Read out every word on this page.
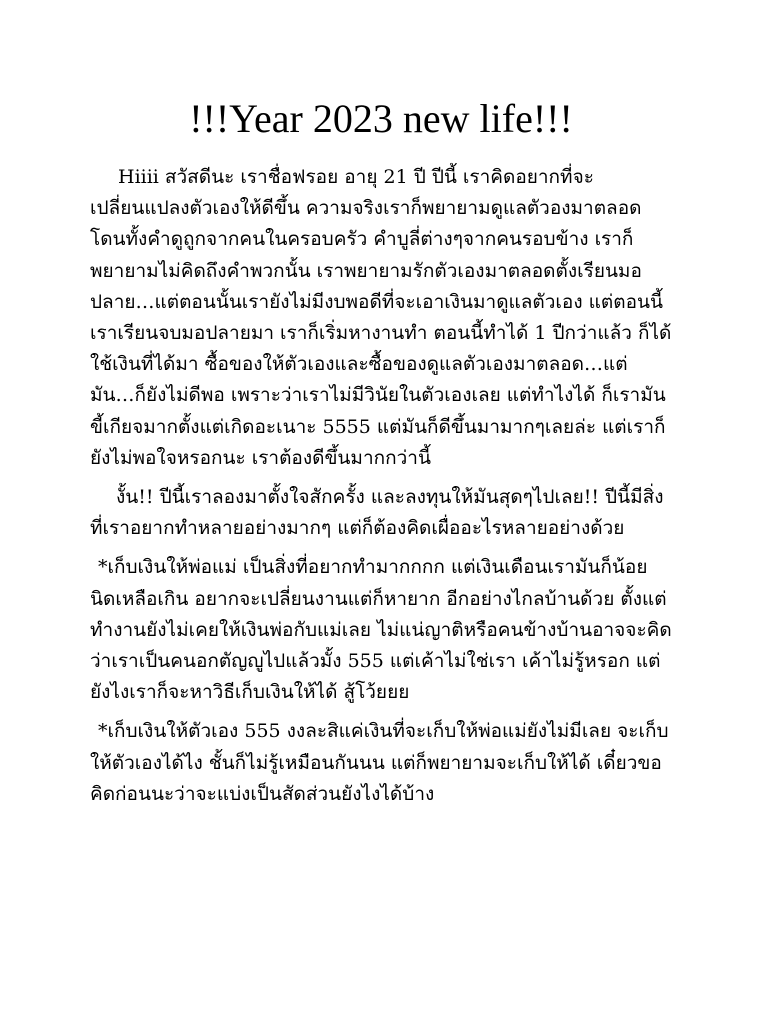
!!!Year 2023 new life!!!

Hiiii สวัสดีนะ เราชื่อฟรอย อายุ 21 ปี ปีนี้ เราคิดอยากที่จะเปลี่ยนแปลงตัวเองให้ดีขึ้น ความจริงเราก็พยายามดูแลตัวองมาตลอด โดนทั้งคำดูถูกจากคนในครอบครัว คำบูลี่ต่างๆจากคนรอบข้าง เราก็พยายามไม่คิดถึงคำพวกนั้น เราพยายามรักตัวเองมาตลอดตั้งเรียนมอปลาย…แต่ตอนนั้นเรายังไม่มีงบพอดีที่จะเอาเงินมาดูแลตัวเอง แต่ตอนนี้ เราเรียนจบมอปลายมา เราก็เริ่มหางานทำ ตอนนี้ทำได้ 1 ปีกว่าแล้ว ก็ได้ใช้เงินที่ได้มา ซื้อของให้ตัวเองและซื้อของดูแลตัวเองมาตลอด…แต่มัน…ก็ยังไม่ดีพอ เพราะว่าเราไม่มีวินัยในตัวเองเลย แต่ทำไงได้ ก็เรามันขี้เกียจมากตั้งแต่เกิดอะเนาะ 5555 แต่มันก็ดีขึ้นมามากๆเลยล่ะ แต่เราก็ยังไม่พอใจหรอกนะ เราต้องดีขึ้นมากกว่านี้

งั้น!! ปีนี้เราลองมาตั้งใจสักครั้ง และลงทุนให้มันสุดๆไปเลย!! ปีนี้มีสิ่งที่เราอยากทำหลายอย่างมากๆ แต่ก็ต้องคิดเผื่ออะไรหลายอย่างด้วย

*เก็บเงินให้พ่อแม่ เป็นสิ่งที่อยากทำมากกกก แต่เงินเดือนเรามันก็น้อยนิดเหลือเกิน อยากจะเปลี่ยนงานแต่ก็หายาก อีกอย่างไกลบ้านด้วย ตั้งแต่ทำงานยังไม่เคยให้เงินพ่อกับแม่เลย ไม่แน่ญาติหรือคนข้างบ้านอาจจะคิดว่าเราเป็นคนอกตัญญูไปแล้วมั้ง 555 แต่เค้าไม่ใช่เรา เค้าไม่รู้หรอก แต่ยังไงเราก็จะหาวิธีเก็บเงินให้ได้ สู้โว้ยยย

*เก็บเงินให้ตัวเอง 555 งงละสิแค่เงินที่จะเก็บให้พ่อแม่ยังไม่มีเลย จะเก็บให้ตัวเองได้ไง ชั้นก็ไม่รู้เหมือนกันนน แต่ก็พยายามจะเก็บให้ได้ เดี๋ยวขอคิดก่อนนะว่าจะแบ่งเป็นสัดส่วนยังไงได้บ้าง
